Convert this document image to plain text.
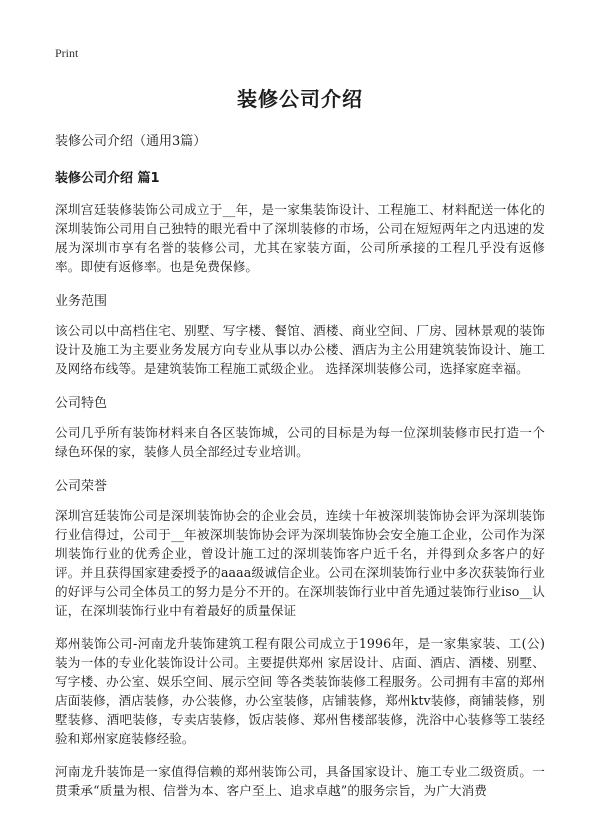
Print
装修公司介绍
装修公司介绍（通用3篇）
装修公司介绍 篇1

深圳宫廷装修装饰公司成立于__年，是一家集装饰设计、工程施工、材料配送一体化的深圳装饰公司用自己独特的眼光看中了深圳装修的市场，公司在短短两年之内迅速的发展为深圳市享有名誉的装修公司，尤其在家装方面，公司所承接的工程几乎没有返修率。即使有返修率。也是免费保修。

业务范围

该公司以中高档住宅、别墅、写字楼、餐馆、酒楼、商业空间、厂房、园林景观的装饰设计及施工为主要业务发展方向专业从事以办公楼、酒店为主公用建筑装饰设计、施工及网络布线等。是建筑装饰工程施工贰级企业。 选择深圳装修公司，选择家庭幸福。

公司特色

公司几乎所有装饰材料来自各区装饰城，公司的目标是为每一位深圳装修市民打造一个绿色环保的家，装修人员全部经过专业培训。

公司荣誉

深圳宫廷装饰公司是深圳装饰协会的企业会员，连续十年被深圳装饰协会评为深圳装饰行业信得过，公司于__年被深圳装饰协会评为深圳装饰协会安全施工企业，公司作为深圳装饰行业的优秀企业，曾设计施工过的深圳装饰客户近千名，并得到众多客户的好评。并且获得国家建委授予的aaaa级诚信企业。公司在深圳装饰行业中多次获装饰行业的好评与公司全体员工的努力是分不开的。在深圳装饰行业中首先通过装饰行业iso__认证，在深圳装饰行业中有着最好的质量保证

郑州装饰公司-河南龙升装饰建筑工程有限公司成立于1996年，是一家集家装、工(公)装为一体的专业化装饰设计公司。主要提供郑州 家居设计、店面、酒店、酒楼、别墅、写字楼、办公室、娱乐空间、展示空间 等各类装饰装修工程服务。公司拥有丰富的郑州店面装修，酒店装修，办公装修，办公室装修，店铺装修，郑州ktv装修，商铺装修，别墅装修、酒吧装修，专卖店装修，饭店装修、郑州售楼部装修，洗浴中心装修等工装经验和郑州家庭装修经验。

河南龙升装饰是一家值得信赖的郑州装饰公司，具备国家设计、施工专业二级资质。一贯秉承“质量为根、信誉为本、客户至上、追求卓越”的服务宗旨，为广大消费
